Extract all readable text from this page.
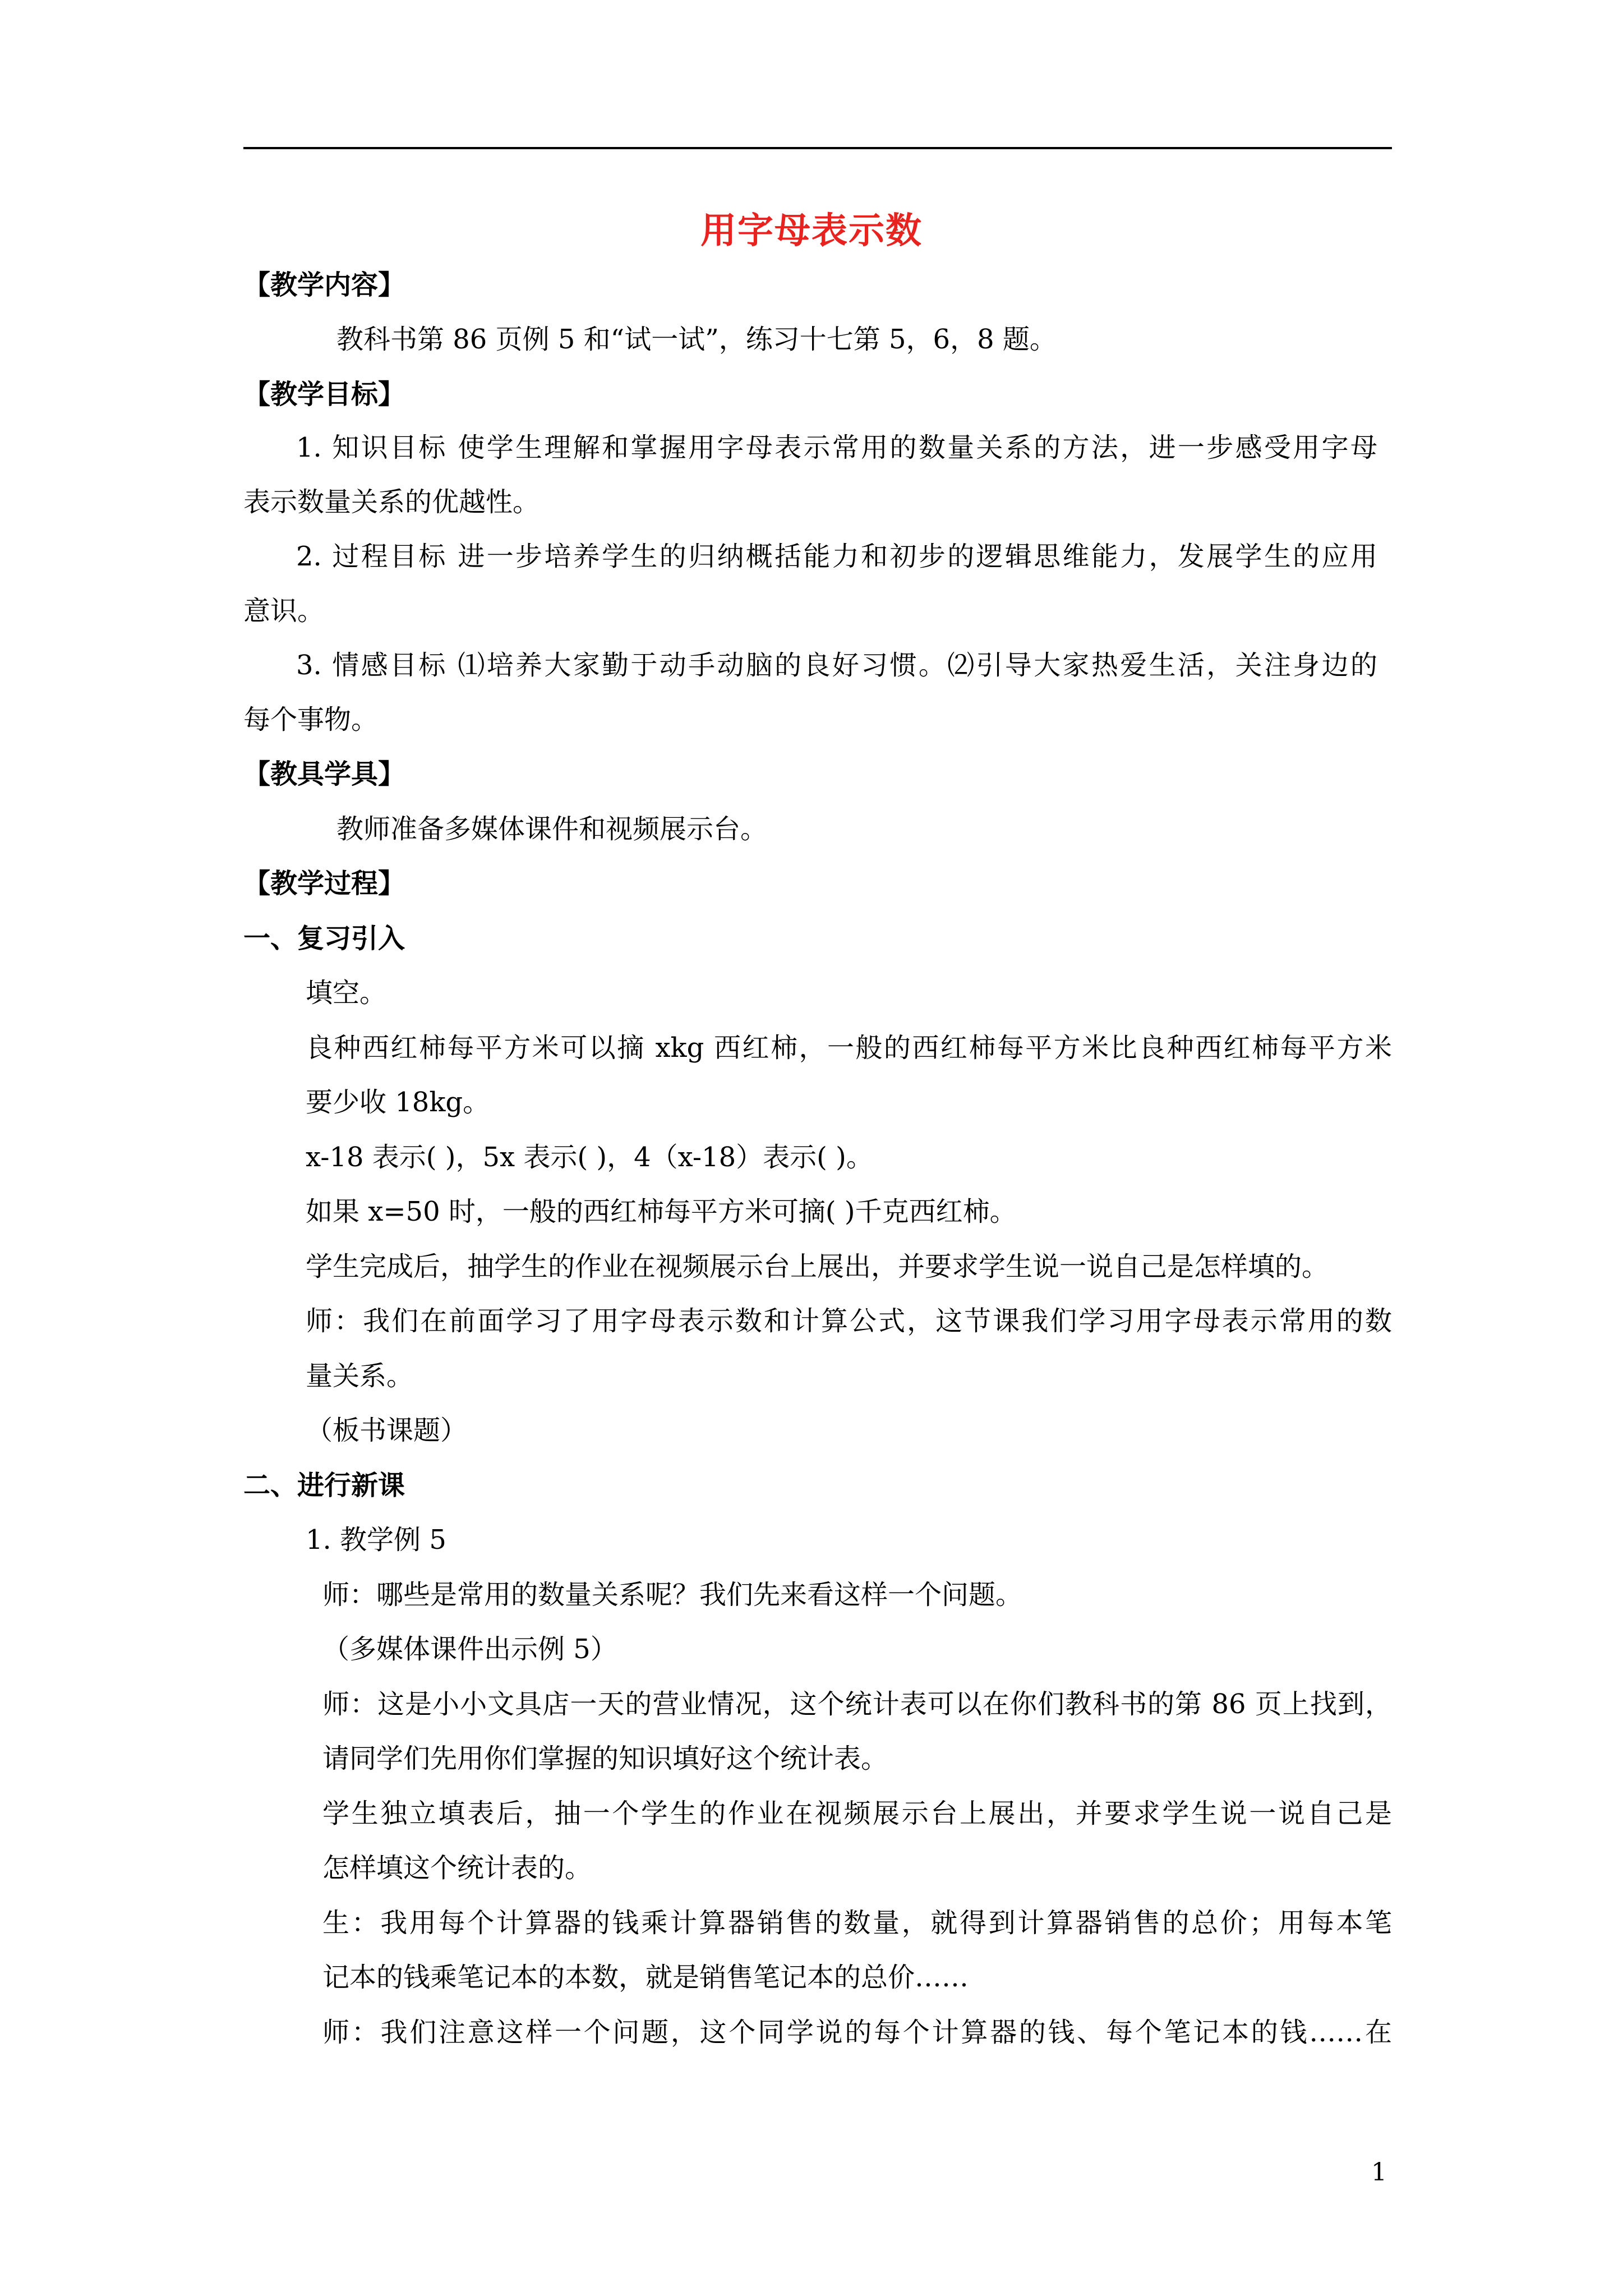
用字母表示数
【教学内容】
教科书第 86 页例 5 和“试一试”，练习十七第 5，6，8 题。
【教学目标】
1. 知识目标 使学生理解和掌握用字母表示常用的数量关系的方法，进一步感受用字母
表示数量关系的优越性。
2. 过程目标 进一步培养学生的归纳概括能力和初步的逻辑思维能力，发展学生的应用
意识。
3. 情感目标 ⑴培养大家勤于动手动脑的良好习惯。⑵引导大家热爱生活，关注身边的
每个事物。
【教具学具】
教师准备多媒体课件和视频展示台。
【教学过程】
一、复习引入
填空。
良种西红柿每平方米可以摘 xkg 西红柿，一般的西红柿每平方米比良种西红柿每平方米
要少收 18kg。
x-18 表示( )，5x 表示( )，4（x-18）表示( )。
如果 x=50 时，一般的西红柿每平方米可摘( )千克西红柿。
学生完成后，抽学生的作业在视频展示台上展出，并要求学生说一说自己是怎样填的。
师：我们在前面学习了用字母表示数和计算公式，这节课我们学习用字母表示常用的数
量关系。
（板书课题）
二、进行新课
1. 教学例 5
师：哪些是常用的数量关系呢？我们先来看这样一个问题。
（多媒体课件出示例 5）
师：这是小小文具店一天的营业情况，这个统计表可以在你们教科书的第 86 页上找到，
请同学们先用你们掌握的知识填好这个统计表。
学生独立填表后，抽一个学生的作业在视频展示台上展出，并要求学生说一说自己是
怎样填这个统计表的。
生：我用每个计算器的钱乘计算器销售的数量，就得到计算器销售的总价；用每本笔
记本的钱乘笔记本的本数，就是销售笔记本的总价……
师：我们注意这样一个问题，这个同学说的每个计算器的钱、每个笔记本的钱……在
1
